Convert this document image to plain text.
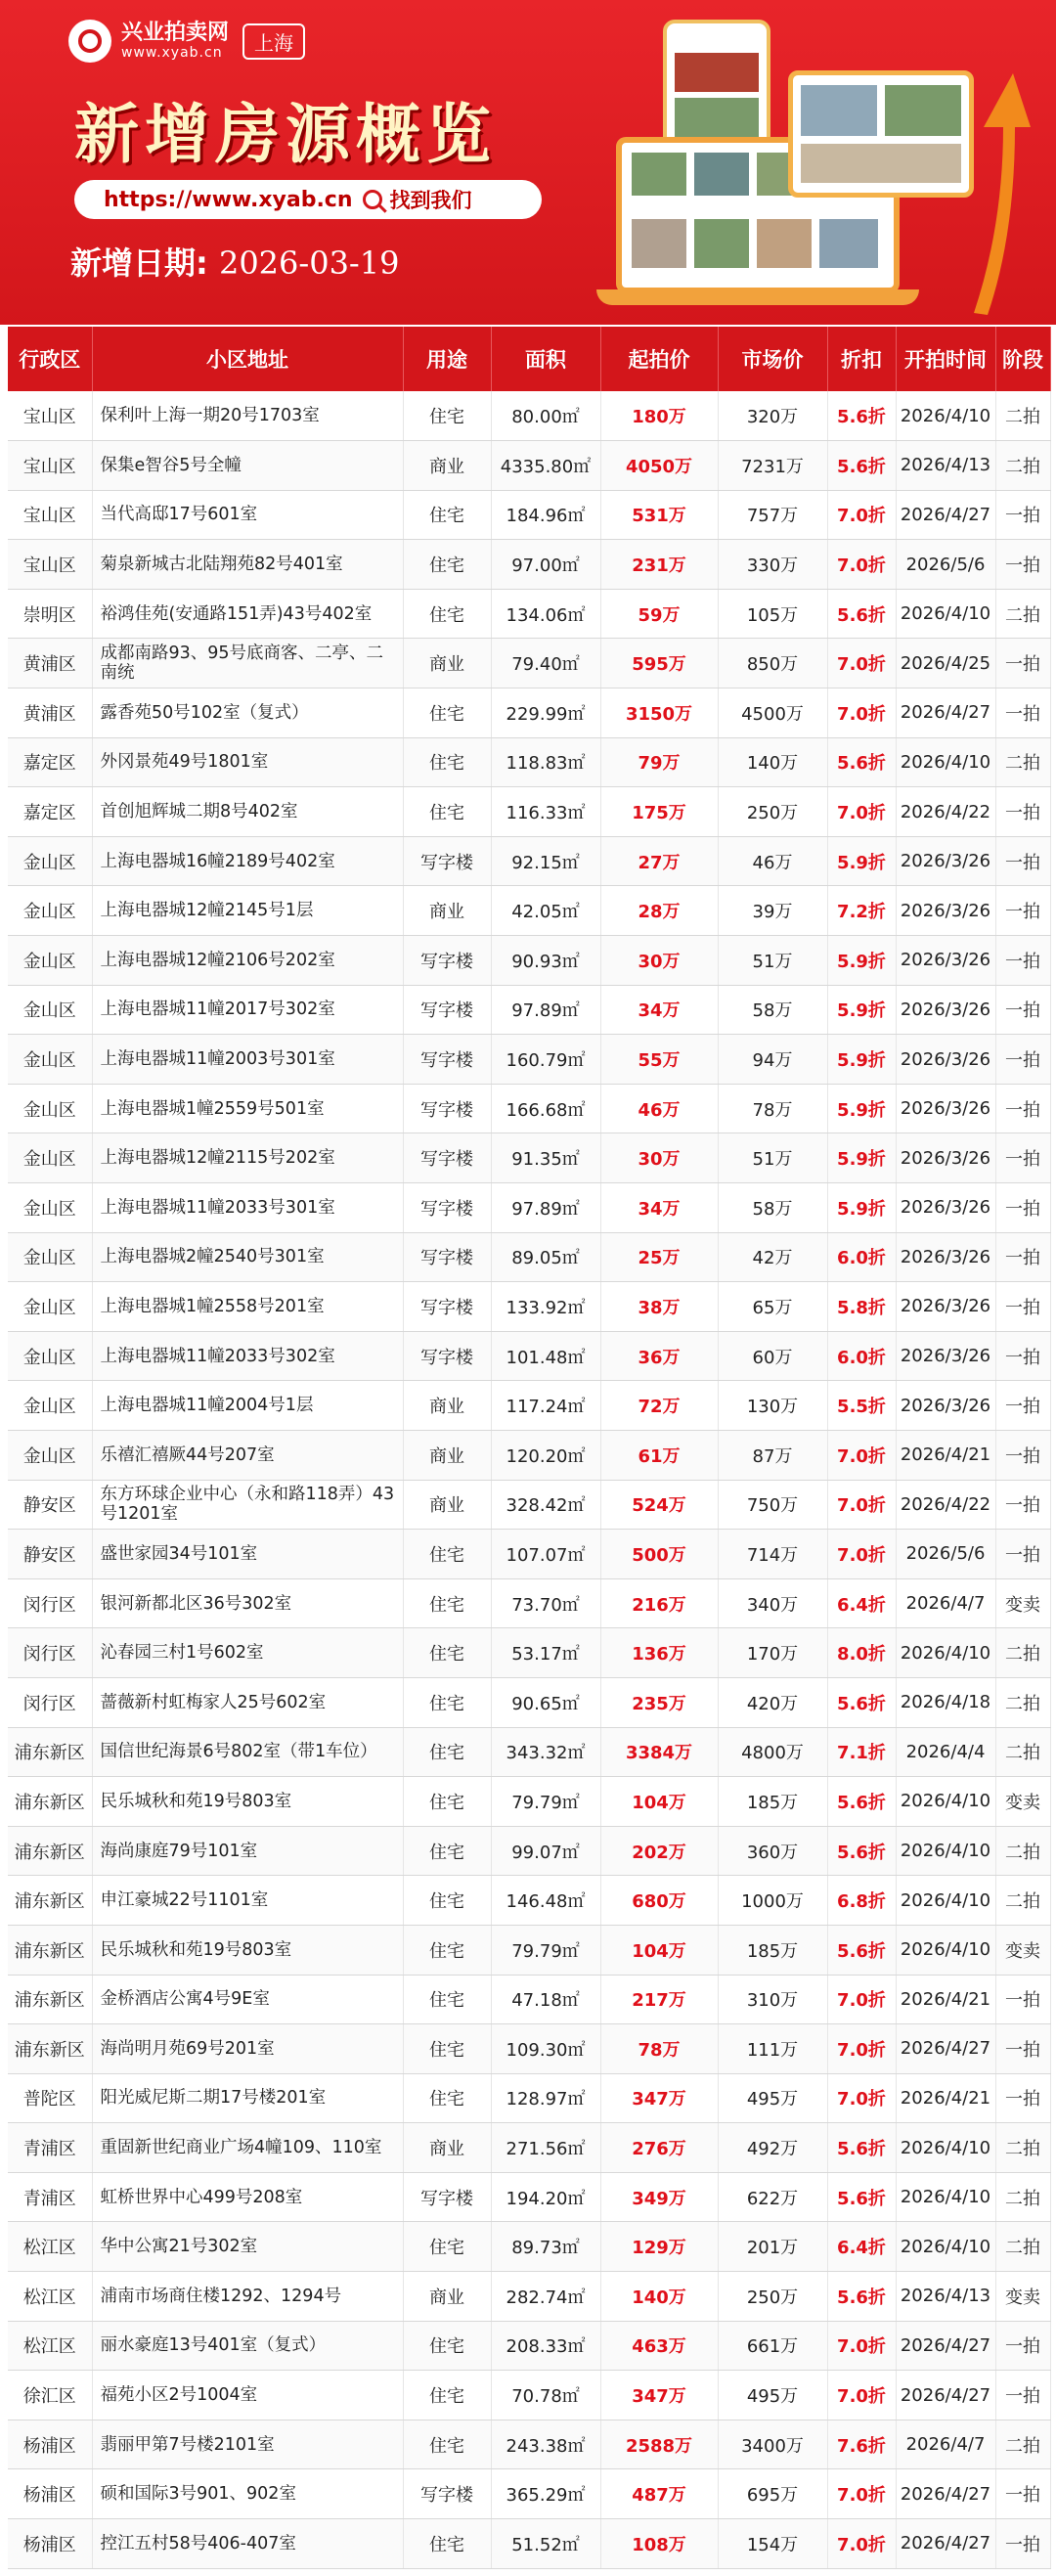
兴业拍卖网
www.xyab.cn	上海
新增房源概览
https://www.xyab.cn 找到我们
新增日期: 2026-03-19
行政区	小区地址	用途	面积	起拍价	市场价	折扣	开拍时间	阶段
宝山区	保利叶上海一期20号1703室	住宅	80.00㎡	180万	320万	5.6折	2026/4/10	二拍
宝山区	保集e智谷5号全幢	商业	4335.80㎡	4050万	7231万	5.6折	2026/4/13	二拍
宝山区	当代高邸17号601室	住宅	184.96㎡	531万	757万	7.0折	2026/4/27	一拍
宝山区	菊泉新城古北陆翔苑82号401室	住宅	97.00㎡	231万	330万	7.0折	2026/5/6	一拍
崇明区	裕鸿佳苑(安通路151弄)43号402室	住宅	134.06㎡	59万	105万	5.6折	2026/4/10	二拍
黄浦区	成都南路93、95号底商客、二亭、二南统	商业	79.40㎡	595万	850万	7.0折	2026/4/25	一拍
黄浦区	露香苑50号102室（复式）	住宅	229.99㎡	3150万	4500万	7.0折	2026/4/27	一拍
嘉定区	外冈景苑49号1801室	住宅	118.83㎡	79万	140万	5.6折	2026/4/10	二拍
嘉定区	首创旭辉城二期8号402室	住宅	116.33㎡	175万	250万	7.0折	2026/4/22	一拍
金山区	上海电器城16幢2189号402室	写字楼	92.15㎡	27万	46万	5.9折	2026/3/26	一拍
金山区	上海电器城12幢2145号1层	商业	42.05㎡	28万	39万	7.2折	2026/3/26	一拍
金山区	上海电器城12幢2106号202室	写字楼	90.93㎡	30万	51万	5.9折	2026/3/26	一拍
金山区	上海电器城11幢2017号302室	写字楼	97.89㎡	34万	58万	5.9折	2026/3/26	一拍
金山区	上海电器城11幢2003号301室	写字楼	160.79㎡	55万	94万	5.9折	2026/3/26	一拍
金山区	上海电器城1幢2559号501室	写字楼	166.68㎡	46万	78万	5.9折	2026/3/26	一拍
金山区	上海电器城12幢2115号202室	写字楼	91.35㎡	30万	51万	5.9折	2026/3/26	一拍
金山区	上海电器城11幢2033号301室	写字楼	97.89㎡	34万	58万	5.9折	2026/3/26	一拍
金山区	上海电器城2幢2540号301室	写字楼	89.05㎡	25万	42万	6.0折	2026/3/26	一拍
金山区	上海电器城1幢2558号201室	写字楼	133.92㎡	38万	65万	5.8折	2026/3/26	一拍
金山区	上海电器城11幢2033号302室	写字楼	101.48㎡	36万	60万	6.0折	2026/3/26	一拍
金山区	上海电器城11幢2004号1层	商业	117.24㎡	72万	130万	5.5折	2026/3/26	一拍
金山区	乐禧汇禧厥44号207室	商业	120.20㎡	61万	87万	7.0折	2026/4/21	一拍
静安区	东方环球企业中心（永和路118弄）43号1201室	商业	328.42㎡	524万	750万	7.0折	2026/4/22	一拍
静安区	盛世家园34号101室	住宅	107.07㎡	500万	714万	7.0折	2026/5/6	一拍
闵行区	银河新都北区36号302室	住宅	73.70㎡	216万	340万	6.4折	2026/4/7	变卖
闵行区	沁春园三村1号602室	住宅	53.17㎡	136万	170万	8.0折	2026/4/10	二拍
闵行区	蔷薇新村虹梅家人25号602室	住宅	90.65㎡	235万	420万	5.6折	2026/4/18	二拍
浦东新区	国信世纪海景6号802室（带1车位）	住宅	343.32㎡	3384万	4800万	7.1折	2026/4/4	二拍
浦东新区	民乐城秋和苑19号803室	住宅	79.79㎡	104万	185万	5.6折	2026/4/10	变卖
浦东新区	海尚康庭79号101室	住宅	99.07㎡	202万	360万	5.6折	2026/4/10	二拍
浦东新区	申江豪城22号1101室	住宅	146.48㎡	680万	1000万	6.8折	2026/4/10	二拍
浦东新区	民乐城秋和苑19号803室	住宅	79.79㎡	104万	185万	5.6折	2026/4/10	变卖
浦东新区	金桥酒店公寓4号9E室	住宅	47.18㎡	217万	310万	7.0折	2026/4/21	一拍
浦东新区	海尚明月苑69号201室	住宅	109.30㎡	78万	111万	7.0折	2026/4/27	一拍
普陀区	阳光威尼斯二期17号楼201室	住宅	128.97㎡	347万	495万	7.0折	2026/4/21	一拍
青浦区	重固新世纪商业广场4幢109、110室	商业	271.56㎡	276万	492万	5.6折	2026/4/10	二拍
青浦区	虹桥世界中心499号208室	写字楼	194.20㎡	349万	622万	5.6折	2026/4/10	二拍
松江区	华中公寓21号302室	住宅	89.73㎡	129万	201万	6.4折	2026/4/10	二拍
松江区	浦南市场商住楼1292、1294号	商业	282.74㎡	140万	250万	5.6折	2026/4/13	变卖
松江区	丽水豪庭13号401室（复式）	住宅	208.33㎡	463万	661万	7.0折	2026/4/27	一拍
徐汇区	福苑小区2号1004室	住宅	70.78㎡	347万	495万	7.0折	2026/4/27	一拍
杨浦区	翡丽甲第7号楼2101室	住宅	243.38㎡	2588万	3400万	7.6折	2026/4/7	二拍
杨浦区	硕和国际3号901、902室	写字楼	365.29㎡	487万	695万	7.0折	2026/4/27	一拍
杨浦区	控江五村58号406-407室	住宅	51.52㎡	108万	154万	7.0折	2026/4/27	一拍
